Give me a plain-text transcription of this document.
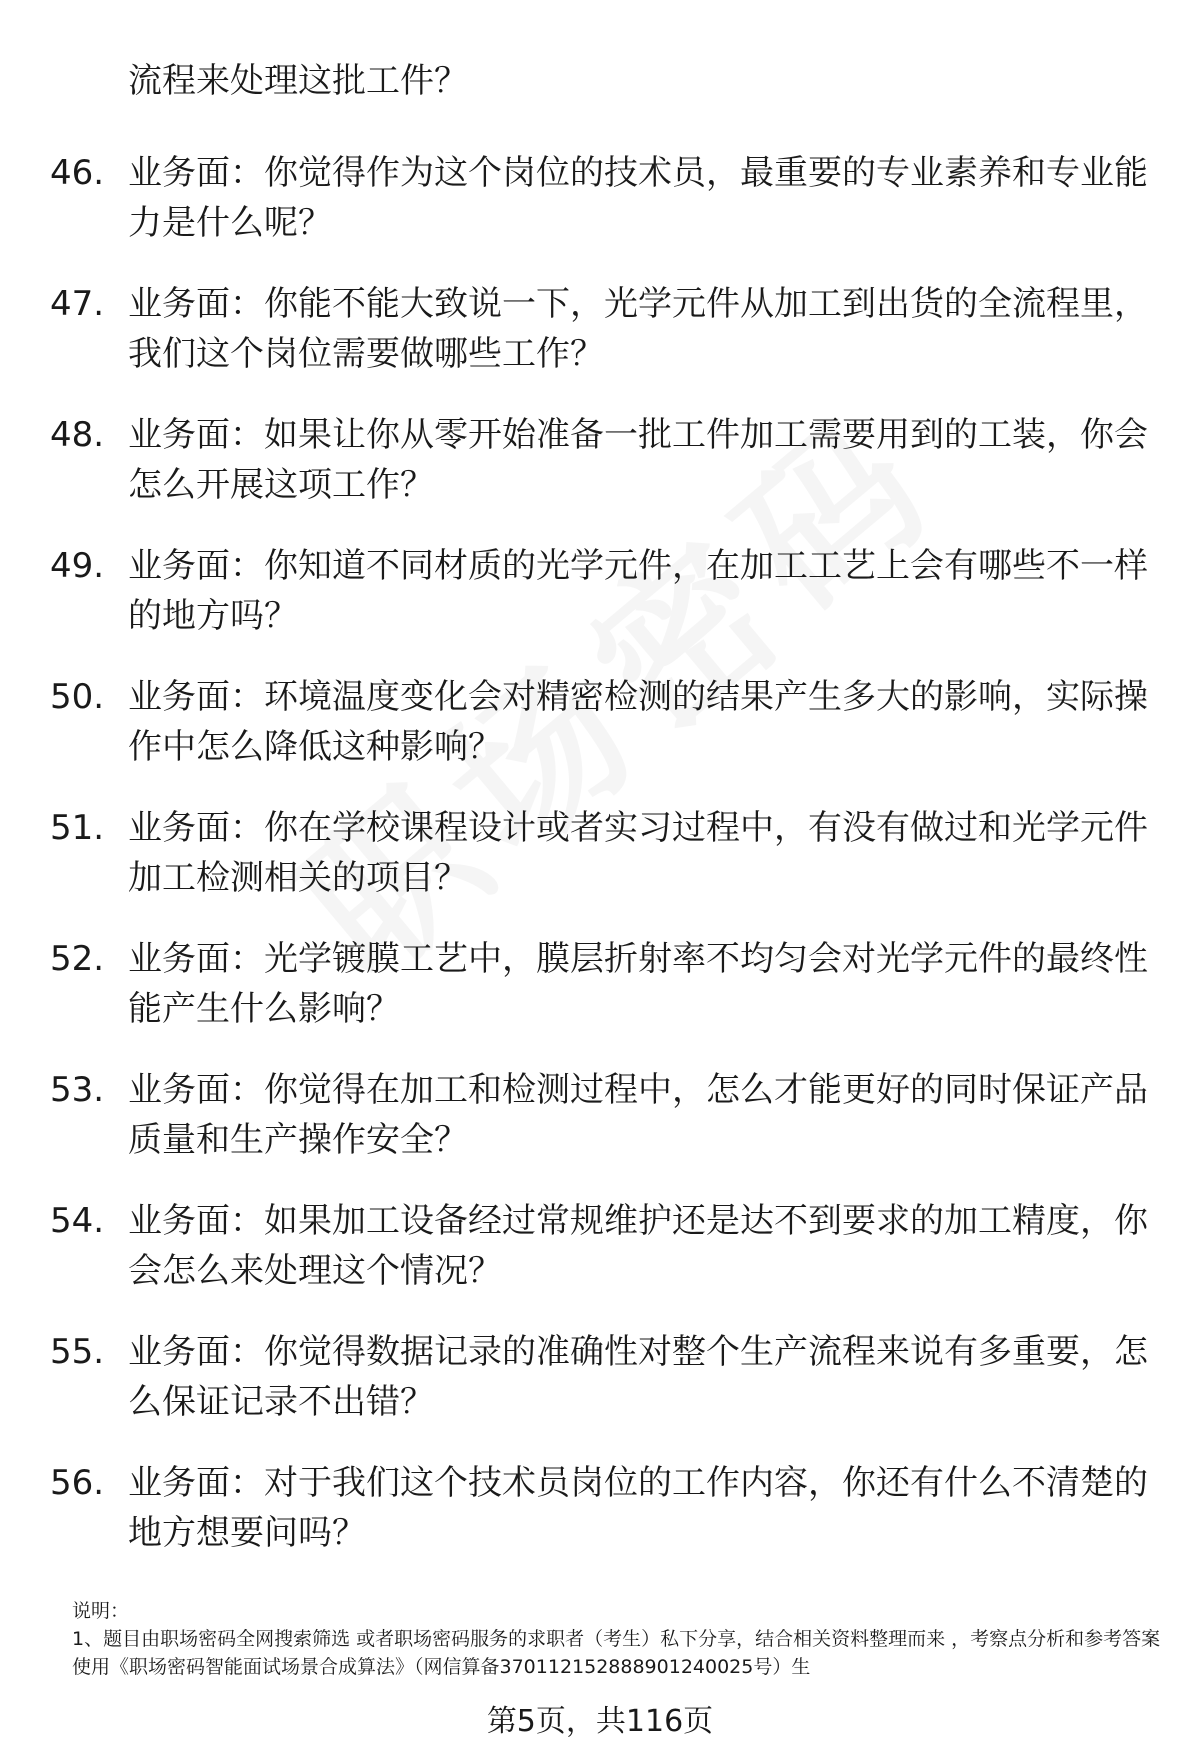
流程来处理这批工件？

46. 业务面：你觉得作为这个岗位的技术员，最重要的专业素养和专业能力是什么呢？
47. 业务面：你能不能大致说一下，光学元件从加工到出货的全流程里，我们这个岗位需要做哪些工作？
48. 业务面：如果让你从零开始准备一批工件加工需要用到的工装，你会怎么开展这项工作？
49. 业务面：你知道不同材质的光学元件，在加工工艺上会有哪些不一样的地方吗？
50. 业务面：环境温度变化会对精密检测的结果产生多大的影响，实际操作中怎么降低这种影响？
51. 业务面：你在学校课程设计或者实习过程中，有没有做过和光学元件加工检测相关的项目？
52. 业务面：光学镀膜工艺中，膜层折射率不均匀会对光学元件的最终性能产生什么影响？
53. 业务面：你觉得在加工和检测过程中，怎么才能更好的同时保证产品质量和生产操作安全？
54. 业务面：如果加工设备经过常规维护还是达不到要求的加工精度，你会怎么来处理这个情况？
55. 业务面：你觉得数据记录的准确性对整个生产流程来说有多重要，怎么保证记录不出错？
56. 业务面：对于我们这个技术员岗位的工作内容，你还有什么不清楚的地方想要问吗？

说明：

1、题目由职场密码全网搜索筛选 或者职场密码服务的求职者（考生）私下分享，结合相关资料整理而来 ，考察点分析和参考答案使用《职场密码智能面试场景合成算法》（网信算备370112152888901240025号）生

第5页，共116页
